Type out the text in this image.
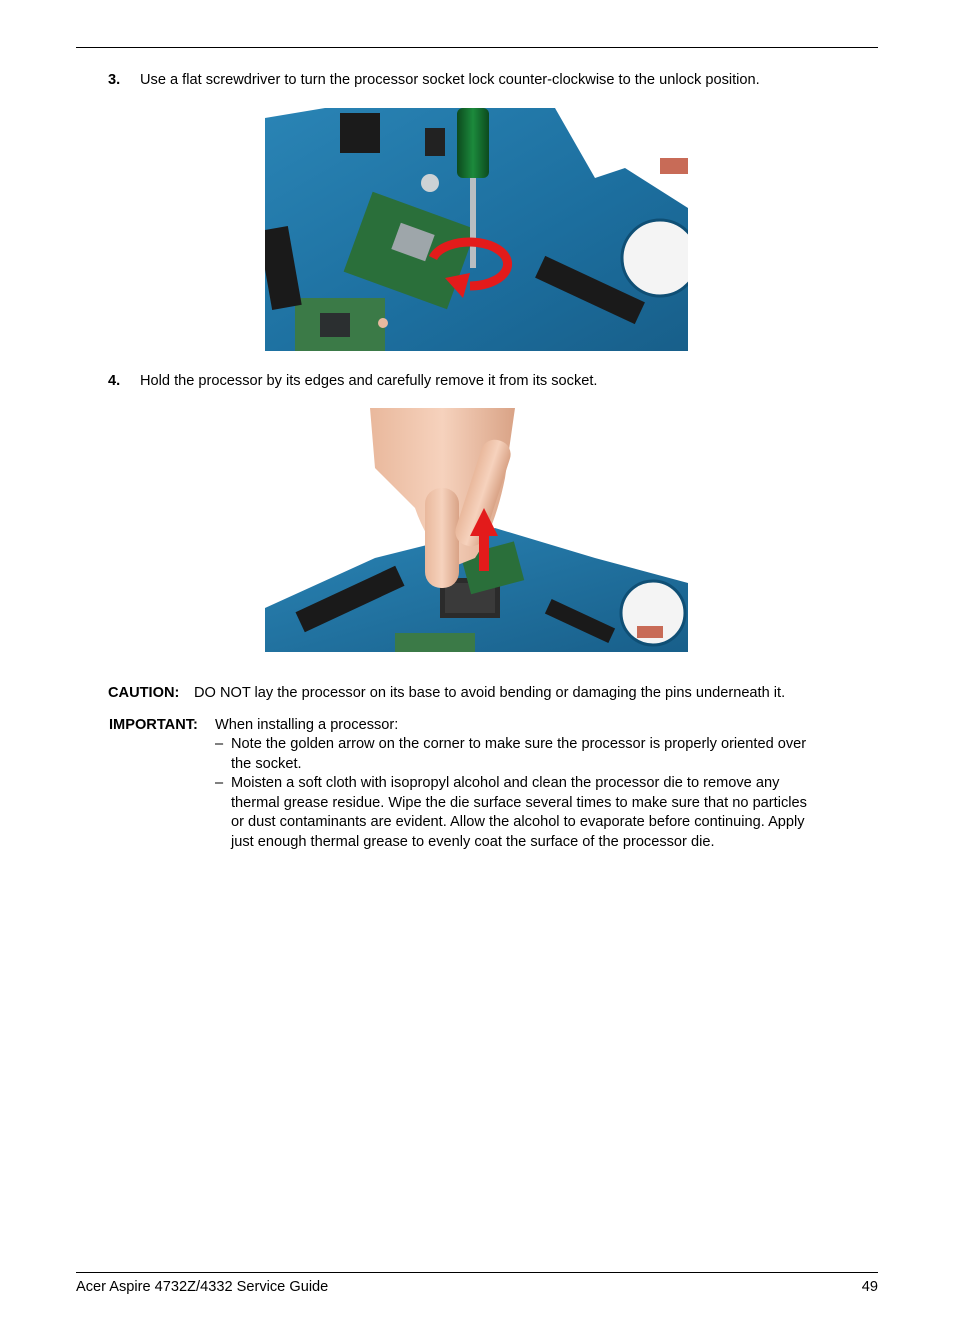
3. Use a flat screwdriver to turn the processor socket lock counter-clockwise to the unlock position.
4. Hold the processor by its edges and carefully remove it from its socket.
CAUTION: DO NOT lay the processor on its base to avoid bending or damaging the pins underneath it.
IMPORTANT: When installing a processor:
– Note the golden arrow on the corner to make sure the processor is properly oriented over
the socket.
– Moisten a soft cloth with isopropyl alcohol and clean the processor die to remove any
thermal grease residue. Wipe the die surface several times to make sure that no particles
or dust contaminants are evident. Allow the alcohol to evaporate before continuing. Apply
just enough thermal grease to evenly coat the surface of the processor die.
Acer Aspire 4732Z/4332 Service Guide	49
